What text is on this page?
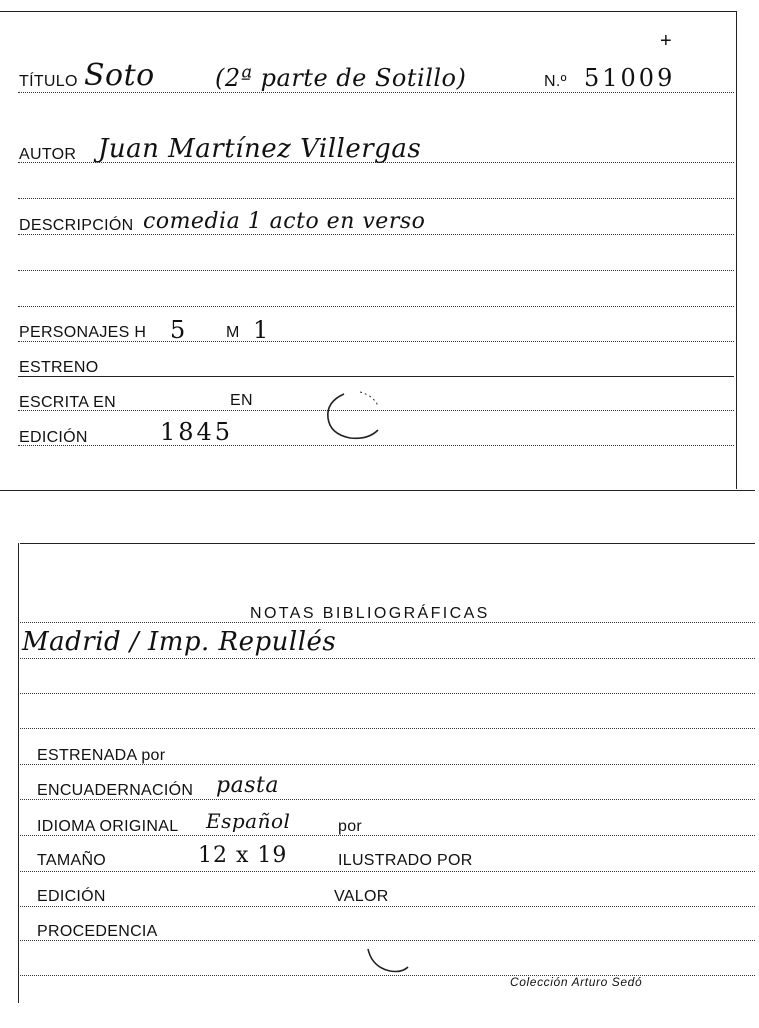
TÍTULO Soto	(2ª parte de Sotillo)	N.º 51009
+
AUTOR Juan Martínez Villergas
DESCRIPCIÓN comedia 1 acto en verso
PERSONAJES H 5	M 1
ESTRENO
ESCRITA EN	EN
EDICIÓN	1845
NOTAS BIBLIOGRÁFICAS
Madrid / Imp. Repullés
ESTRENADA por
ENCUADERNACIÓN pasta
IDIOMA ORIGINAL Español	por
TAMAÑO	12 x 19	ILUSTRADO POR
EDICIÓN	VALOR
PROCEDENCIA
Colección Arturo Sedó
